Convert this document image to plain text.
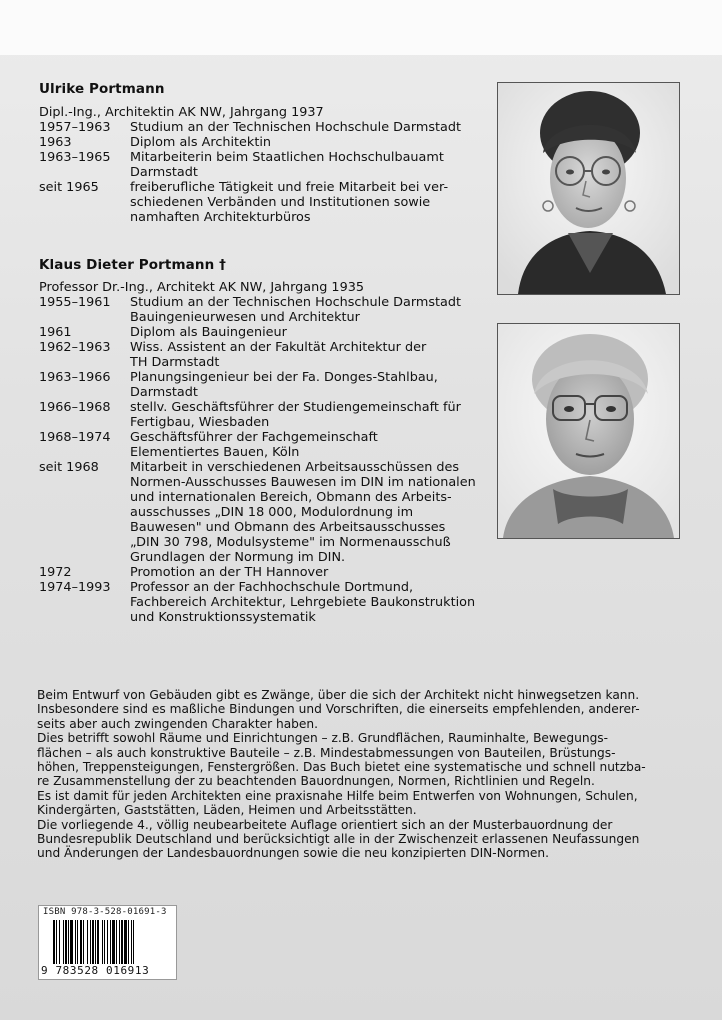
Ulrike Portmann
Dipl.-Ing., Architektin AK NW, Jahrgang 1937
1957–1963	Studium an der Technischen Hochschule Darmstadt
1963	Diplom als Architektin
1963–1965	Mitarbeiterin beim Staatlichen Hochschulbauamt
Darmstadt
seit 1965	freiberufliche Tätigkeit und freie Mitarbeit bei ver-
schiedenen Verbänden und Institutionen sowie
namhaften Architekturbüros
Klaus Dieter Portmann †
Professor Dr.-Ing., Architekt AK NW, Jahrgang 1935
1955–1961	Studium an der Technischen Hochschule Darmstadt
Bauingenieurwesen und Architektur
1961	Diplom als Bauingenieur
1962–1963	Wiss. Assistent an der Fakultät Architektur der
TH Darmstadt
1963–1966	Planungsingenieur bei der Fa. Donges-Stahlbau,
Darmstadt
1966–1968	stellv. Geschäftsführer der Studiengemeinschaft für
Fertigbau, Wiesbaden
1968–1974	Geschäftsführer der Fachgemeinschaft
Elementiertes Bauen, Köln
seit 1968	Mitarbeit in verschiedenen Arbeitsausschüssen des
Normen-Ausschusses Bauwesen im DIN im nationalen
und internationalen Bereich, Obmann des Arbeits-
ausschusses „DIN 18 000, Modulordnung im
Bauwesen" und Obmann des Arbeitsausschusses
„DIN 30 798, Modulsysteme" im Normenausschuß
Grundlagen der Normung im DIN.
1972	Promotion an der TH Hannover
1974–1993	Professor an der Fachhochschule Dortmund,
Fachbereich Architektur, Lehrgebiete Baukonstruktion
und Konstruktionssystematik

Beim Entwurf von Gebäuden gibt es Zwänge, über die sich der Architekt nicht hinwegsetzen kann.
Insbesondere sind es maßliche Bindungen und Vorschriften, die einerseits empfehlenden, anderer-
seits aber auch zwingenden Charakter haben.

Dies betrifft sowohl Räume und Einrichtungen – z.B. Grundflächen, Rauminhalte, Bewegungs-
flächen – als auch konstruktive Bauteile – z.B. Mindestabmessungen von Bauteilen, Brüstungs-
höhen, Treppensteigungen, Fenstergrößen. Das Buch bietet eine systematische und schnell nutzba-
re Zusammenstellung der zu beachtenden Bauordnungen, Normen, Richtlinien und Regeln.
Es ist damit für jeden Architekten eine praxisnahe Hilfe beim Entwerfen von Wohnungen, Schulen,
Kindergärten, Gaststätten, Läden, Heimen und Arbeitsstätten.

Die vorliegende 4., völlig neubearbeitete Auflage orientiert sich an der Musterbauordnung der
Bundesrepublik Deutschland und berücksichtigt alle in der Zwischenzeit erlassenen Neufassungen
und Änderungen der Landesbauordnungen sowie die neu konzipierten DIN-Normen.

ISBN 978-3-528-01691-3
9 783528 016913
